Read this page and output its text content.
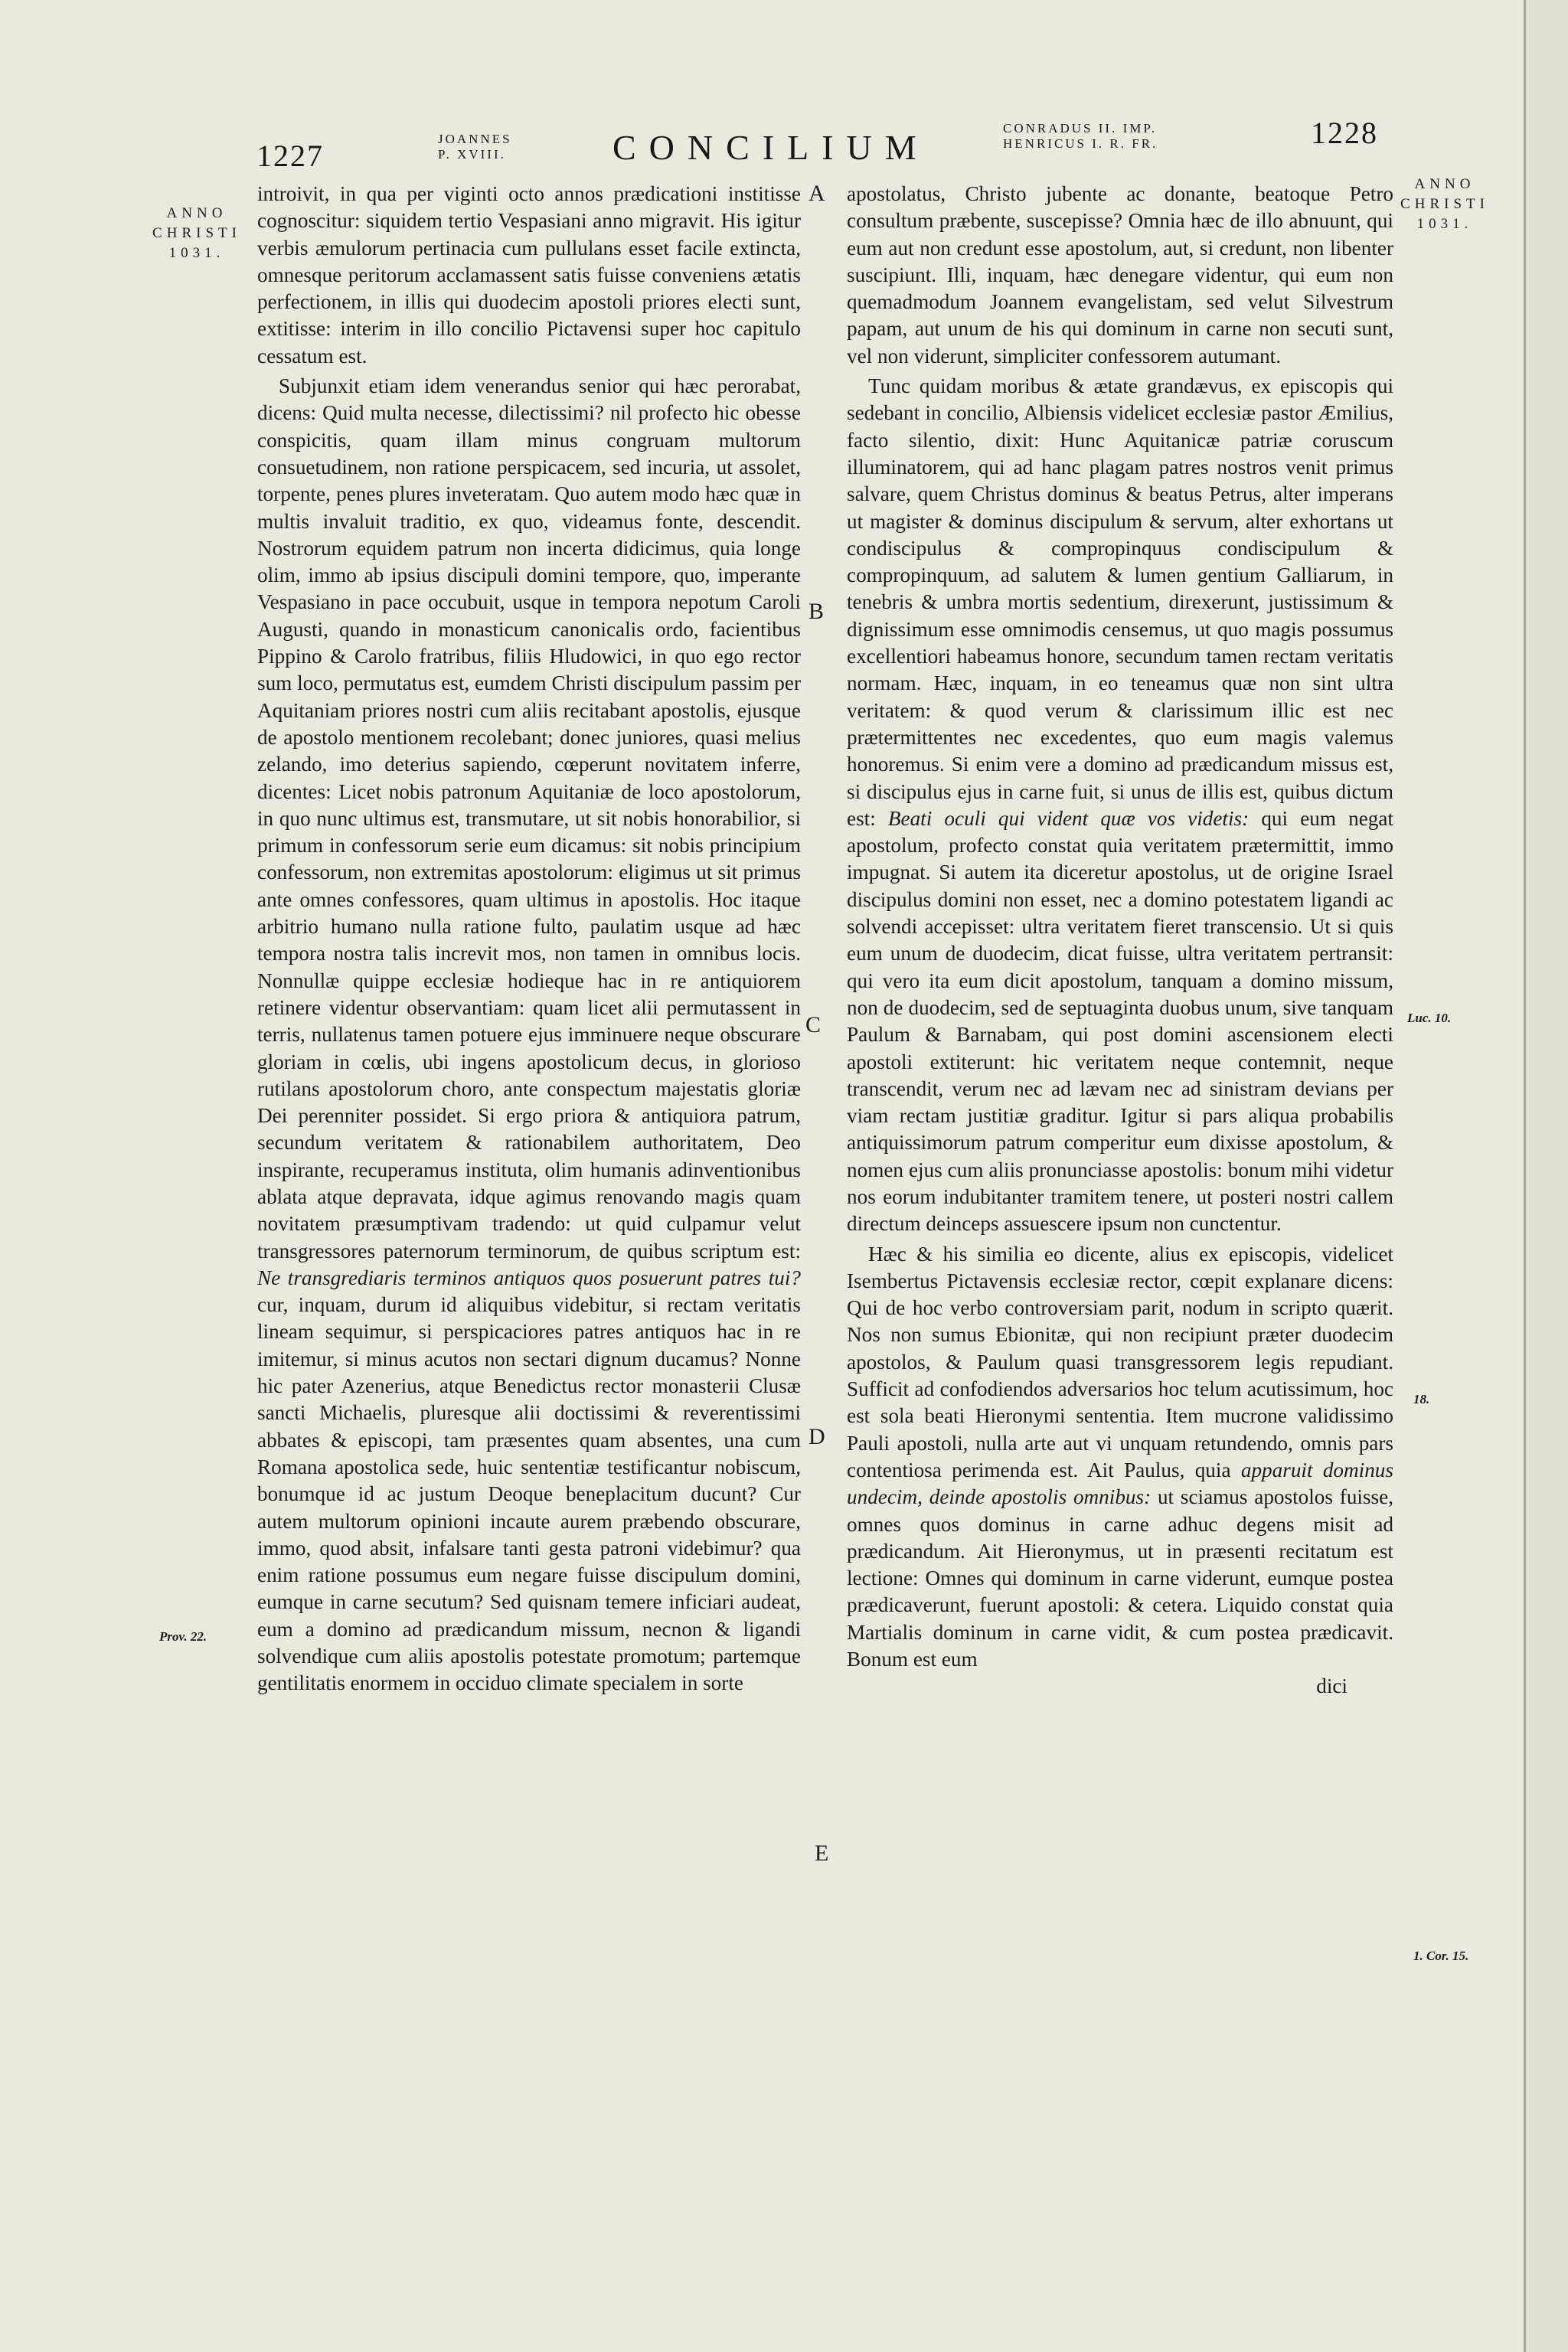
1227	JOANNES
P. XVIII.	CONCILIUM	CONRADUS II. IMP.
HENRICUS I. R. FR.	1228
ANNO
CHRISTI
1031.
ANNO
CHRISTI
1031.
A
B
C
D
E
Prov. 22.
Luc. 10.
18.
1. Cor. 15.

introivit, in qua per viginti octo annos prædicationi institisse cognoscitur: siquidem tertio Vespasiani anno migravit. His igitur verbis æmulorum pertinacia cum pullulans esset facile extincta, omnesque peritorum acclamassent satis fuisse conveniens ætatis perfectionem, in illis qui duodecim apostoli priores electi sunt, extitisse: interim in illo concilio Pictavensi super hoc capitulo cessatum est.

Subjunxit etiam idem venerandus senior qui hæc perorabat, dicens: Quid multa necesse, dilectissimi? nil profecto hic obesse conspicitis, quam illam minus congruam multorum consuetudinem, non ratione perspicacem, sed incuria, ut assolet, torpente, penes plures inveteratam. Quo autem modo hæc quæ in multis invaluit traditio, ex quo, videamus fonte, descendit. Nostrorum equidem patrum non incerta didicimus, quia longe olim, immo ab ipsius discipuli domini tempore, quo, imperante Vespasiano in pace occubuit, usque in tempora nepotum Caroli Augusti, quando in monasticum canonicalis ordo, facientibus Pippino & Carolo fratribus, filiis Hludowici, in quo ego rector sum loco, permutatus est, eumdem Christi discipulum passim per Aquitaniam priores nostri cum aliis recitabant apostolis, ejusque de apostolo mentionem recolebant; donec juniores, quasi melius zelando, imo deterius sapiendo, cœperunt novitatem inferre, dicentes: Licet nobis patronum Aquitaniæ de loco apostolorum, in quo nunc ultimus est, transmutare, ut sit nobis honorabilior, si primum in confessorum serie eum dicamus: sit nobis principium confessorum, non extremitas apostolorum: eligimus ut sit primus ante omnes confessores, quam ultimus in apostolis. Hoc itaque arbitrio humano nulla ratione fulto, paulatim usque ad hæc tempora nostra talis increvit mos, non tamen in omnibus locis. Nonnullæ quippe ecclesiæ hodieque hac in re antiquiorem retinere videntur observantiam: quam licet alii permutassent in terris, nullatenus tamen potuere ejus imminuere neque obscurare gloriam in cœlis, ubi ingens apostolicum decus, in glorioso rutilans apostolorum choro, ante conspectum majestatis gloriæ Dei perenniter possidet. Si ergo priora & antiquiora patrum, secundum veritatem & rationabilem authoritatem, Deo inspirante, recuperamus instituta, olim humanis adinventionibus ablata atque depravata, idque agimus renovando magis quam novitatem præsumptivam tradendo: ut quid culpamur velut transgressores paternorum terminorum, de quibus scriptum est: Ne transgrediaris terminos antiquos quos posuerunt patres tui? cur, inquam, durum id aliquibus videbitur, si rectam veritatis lineam sequimur, si perspicaciores patres antiquos hac in re imitemur, si minus acutos non sectari dignum ducamus? Nonne hic pater Azenerius, atque Benedictus rector monasterii Clusæ sancti Michaelis, pluresque alii doctissimi & reverentissimi abbates & episcopi, tam præsentes quam absentes, una cum Romana apostolica sede, huic sententiæ testificantur nobiscum, bonumque id ac justum Deoque beneplacitum ducunt? Cur autem multorum opinioni incaute aurem præbendo obscurare, immo, quod absit, infalsare tanti gesta patroni videbimur? qua enim ratione possumus eum negare fuisse discipulum domini, eumque in carne secutum? Sed quisnam temere inficiari audeat, eum a domino ad prædicandum missum, necnon & ligandi solvendique cum aliis apostolis potestate promotum; partemque gentilitatis enormem in occiduo climate specialem in sorte

apostolatus, Christo jubente ac donante, beatoque Petro consultum præbente, suscepisse? Omnia hæc de illo abnuunt, qui eum aut non credunt esse apostolum, aut, si credunt, non libenter suscipiunt. Illi, inquam, hæc denegare videntur, qui eum non quemadmodum Joannem evangelistam, sed velut Silvestrum papam, aut unum de his qui dominum in carne non secuti sunt, vel non viderunt, simpliciter confessorem autumant.

Tunc quidam moribus & ætate grandævus, ex episcopis qui sedebant in concilio, Albiensis videlicet ecclesiæ pastor Æmilius, facto silentio, dixit: Hunc Aquitanicæ patriæ coruscum illuminatorem, qui ad hanc plagam patres nostros venit primus salvare, quem Christus dominus & beatus Petrus, alter imperans ut magister & dominus discipulum & servum, alter exhortans ut condiscipulus & compropinquus condiscipulum & compropinquum, ad salutem & lumen gentium Galliarum, in tenebris & umbra mortis sedentium, direxerunt, justissimum & dignissimum esse omnimodis censemus, ut quo magis possumus excellentiori habeamus honore, secundum tamen rectam veritatis normam. Hæc, inquam, in eo teneamus quæ non sint ultra veritatem: & quod verum & clarissimum illic est nec prætermittentes nec excedentes, quo eum magis valemus honoremus. Si enim vere a domino ad prædicandum missus est, si discipulus ejus in carne fuit, si unus de illis est, quibus dictum est: Beati oculi qui vident quæ vos videtis: qui eum negat apostolum, profecto constat quia veritatem prætermittit, immo impugnat. Si autem ita diceretur apostolus, ut de origine Israel discipulus domini non esset, nec a domino potestatem ligandi ac solvendi accepisset: ultra veritatem fieret transcensio. Ut si quis eum unum de duodecim, dicat fuisse, ultra veritatem pertransit: qui vero ita eum dicit apostolum, tanquam a domino missum, non de duodecim, sed de septuaginta duobus unum, sive tanquam Paulum & Barnabam, qui post domini ascensionem electi apostoli extiterunt: hic veritatem neque contemnit, neque transcendit, verum nec ad lævam nec ad sinistram devians per viam rectam justitiæ graditur. Igitur si pars aliqua probabilis antiquissimorum patrum comperitur eum dixisse apostolum, & nomen ejus cum aliis pronunciasse apostolis: bonum mihi videtur nos eorum indubitanter tramitem tenere, ut posteri nostri callem directum deinceps assuescere ipsum non cunctentur.

Hæc & his similia eo dicente, alius ex episcopis, videlicet Isembertus Pictavensis ecclesiæ rector, cœpit explanare dicens: Qui de hoc verbo controversiam parit, nodum in scripto quærit. Nos non sumus Ebionitæ, qui non recipiunt præter duodecim apostolos, & Paulum quasi transgressorem legis repudiant. Sufficit ad confodiendos adversarios hoc telum acutissimum, hoc est sola beati Hieronymi sententia. Item mucrone validissimo Pauli apostoli, nulla arte aut vi unquam retundendo, omnis pars contentiosa perimenda est. Ait Paulus, quia apparuit dominus undecim, deinde apostolis omnibus: ut sciamus apostolos fuisse, omnes quos dominus in carne adhuc degens misit ad prædicandum. Ait Hieronymus, ut in præsenti recitatum est lectione: Omnes qui dominum in carne viderunt, eumque postea prædicaverunt, fuerunt apostoli: & cetera. Liquido constat quia Martialis dominum in carne vidit, & cum postea prædicavit. Bonum est eum

dici
